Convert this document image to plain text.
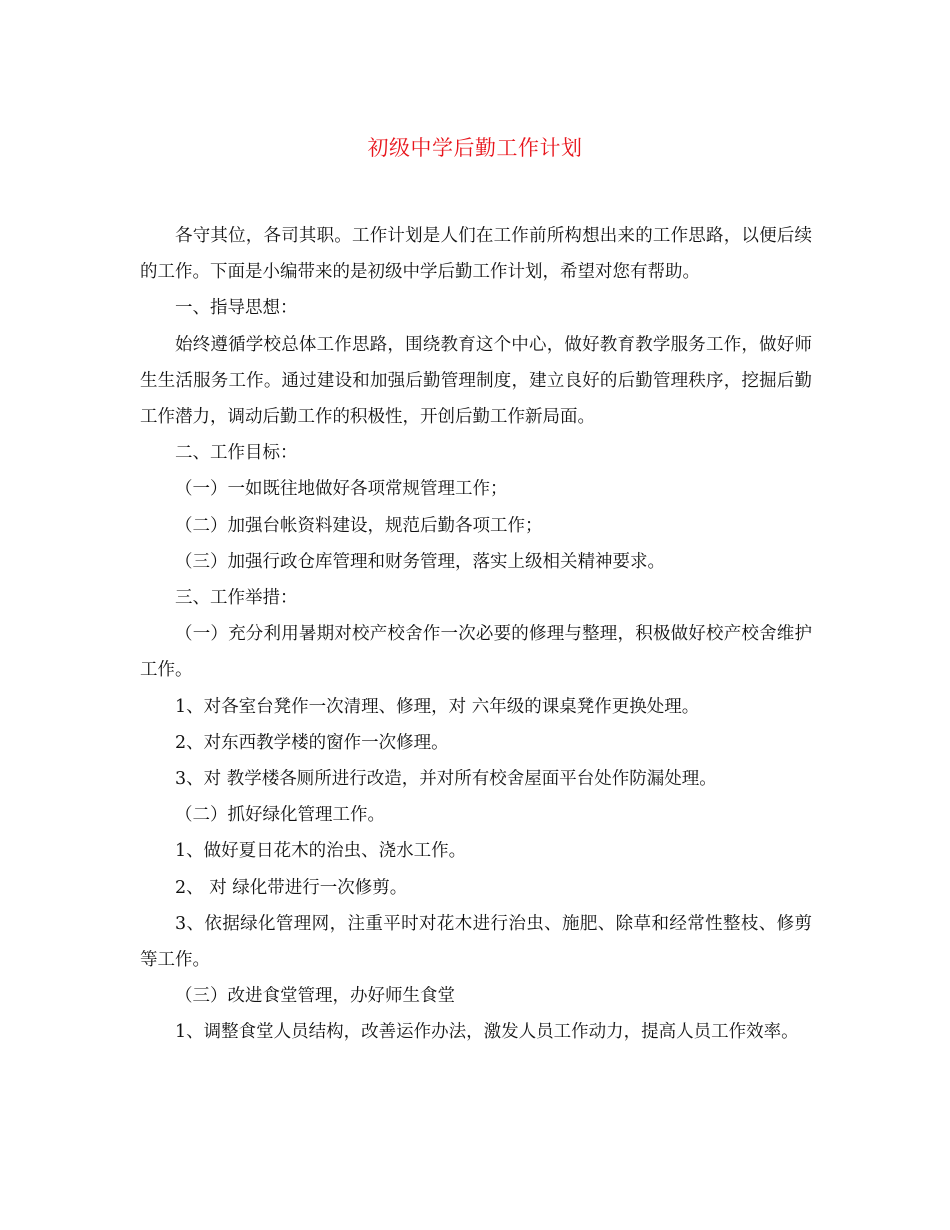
初级中学后勤工作计划

各守其位，各司其职。工作计划是人们在工作前所构想出来的工作思路，以便后续的工作。下面是小编带来的是初级中学后勤工作计划，希望对您有帮助。

一、指导思想：

始终遵循学校总体工作思路，围绕教育这个中心，做好教育教学服务工作，做好师生生活服务工作。通过建设和加强后勤管理制度，建立良好的后勤管理秩序，挖掘后勤工作潜力，调动后勤工作的积极性，开创后勤工作新局面。

二、工作目标：

（一）一如既往地做好各项常规管理工作；

（二）加强台帐资料建设，规范后勤各项工作；

（三）加强行政仓库管理和财务管理，落实上级相关精神要求。

三、工作举措：

（一）充分利用暑期对校产校舍作一次必要的修理与整理，积极做好校产校舍维护工作。

1、对各室台凳作一次清理、修理，对 六年级的课桌凳作更换处理。

2、对东西教学楼的窗作一次修理。

3、对 教学楼各厕所进行改造，并对所有校舍屋面平台处作防漏处理。

（二）抓好绿化管理工作。

1、做好夏日花木的治虫、浇水工作。

2、 对 绿化带进行一次修剪。

3、依据绿化管理网，注重平时对花木进行治虫、施肥、除草和经常性整枝、修剪等工作。

（三）改进食堂管理，办好师生食堂

1、调整食堂人员结构，改善运作办法，激发人员工作动力，提高人员工作效率。
